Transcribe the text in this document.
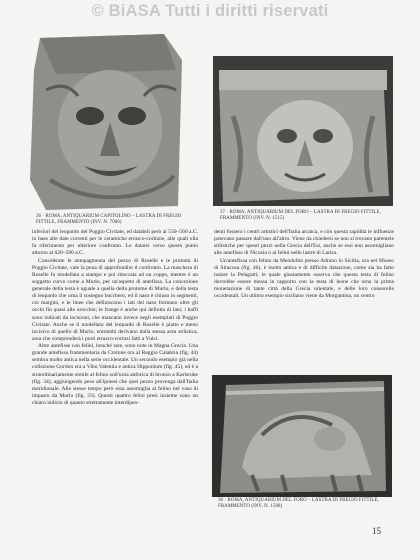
© BiASA Tutti i diritti riservati
36 · ROMA, ANTIQUARIUM CAPITOLINO – LASTRA DI FREGIO FITTILE, FRAMMENTO (INV. N. 7000)
37 · ROMA, ANTIQUARIUM DEL FORO – LASTRA DI FREGIO FITTILE, FRAMMENTO (INV. N. 1515)
38 · ROMA, ANTIQUARIUM DEL FORO – LASTRA DI FREGIO FITTILE, FRAMMENTO (INV. N. 1508)

inferiori del leopardo del Poggio Civitate, ed databili però al 550–560 a.C. in base alle date correnti per le ceramiche etrusco-corinzie, alle quali ella fa riferimento per ulteriore confronto. Lo datarei verso questo punto attorno al 620–590 a.C.

Considerate le antepagmenta del pezzo di Roselle e le protomi di Poggio Civitate, vale la pena di approfondire il confronto. La maschera di Roselle fu modellata a stampo e poi ritoccata ad un coppo, mentre è un soggetto curvo come a Murlo, per un'aspetto di antefissa. La concezione generale della testa è uguale a quella della protome di Murlo, e della testa di leopardo che orna il sostegno bucchero, ed il naso è chiuso in segmenti, coi margini, e le linee che definiscono i lati del naso formano oltre gli occhi fin quasi alle orecchie; le frange è anche qui definita di lato; i baffi sono indicati da incisioni, che mancano invece negli esemplari di Poggio Civitate. Anche se il modellato del leopardo di Roselle è piatto e meno incisivo di quello di Murlo, entrambi derivano dalla stessa area stilistica, area che comprenderà i porti etrusco-corinzi fatti a Vulci.

Altre antefisse con felini, benché rare, sono note in Magna Grecia. Una grande antefissa frammentaria da Crotone ora al Reggio Calabria (fig. 44) sembra molto antica nella serie occidentale. Un secondo esempio già nella collezione Gordon era a Vibo Valentia e antica Hipponium (fig. 45), ed è a straordinariamente simile al felino sull'urna anforica di bronzo a Karlsruhe (fig. 34), aggiungendo peso all'ipotesi che quel pezzo provenga dall'Italia meridionale. Alle stesse tempo però essa assomiglia al felino nel vaso di impasto da Murlo (fig. 33). Questi quattro felini presi insieme sono un chiaro indizio di quanto strettamente interdipen-

denti fossero i centri artistici dell'Italia arcaica, e con questa rapidità le influenze potevano passare dall'uno all'altro. Viene da chiedersi se non si trovano parentele stilistiche per questi pezzi nella Grecia dell'Est, anche se essi non assomigliano alle antefisse di Nicosia o ai felini nelle lastre di Larisa.

Un'antefissa con felino da Mendolito presso Adrano in Sicilia, ora nel Museo di Siracusa (fig. 46), è molto antica e di difficile datazione, come sia ha fatto notare la Pelagatti; le quale giustamente osserva che questa testa di felino dovrebbe essere messa in rapporto con la testa di leone che orna la prima monetazione di tante città della Grecia orientale, e delle loro consorelle occidentali. Un ultimo esempio siciliano viene da Morgantina, un centro

15
